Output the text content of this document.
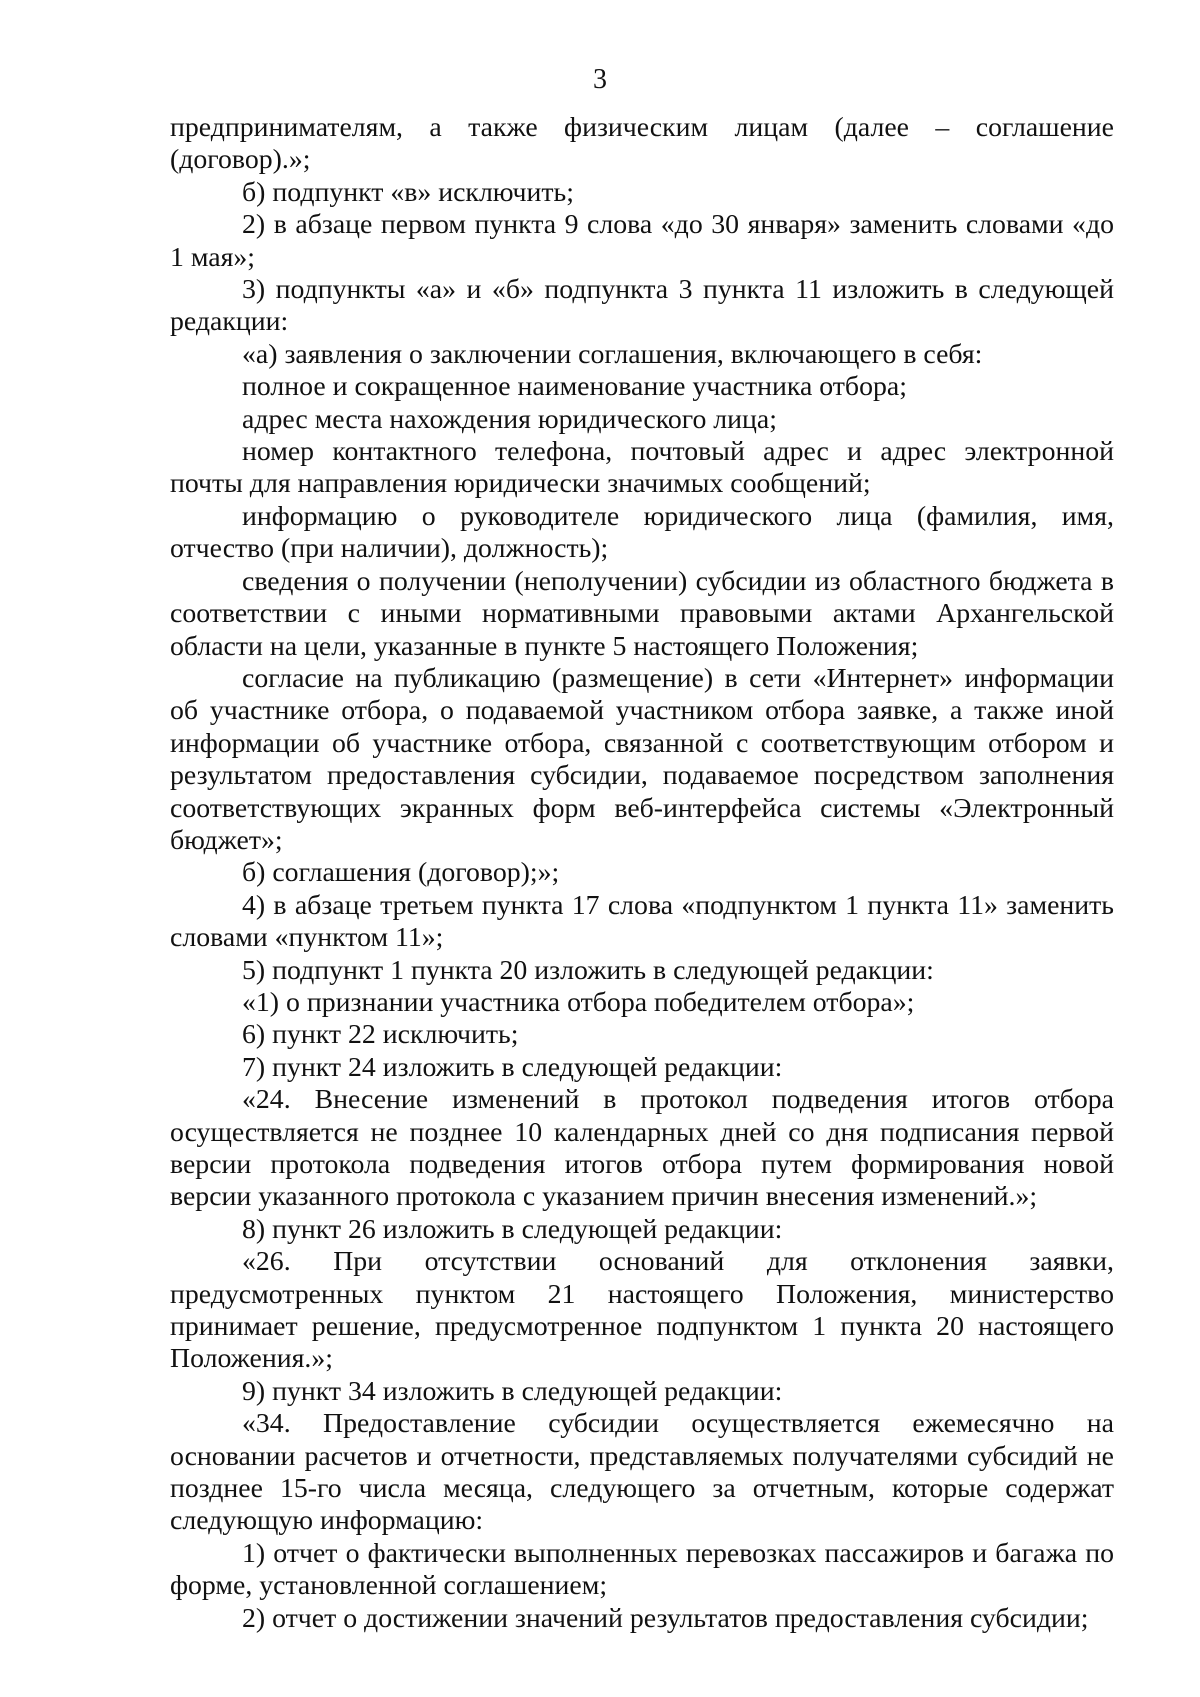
3

предпринимателям, а также физическим лицам (далее – соглашение (договор).»;

б) подпункт «в» исключить;

2) в абзаце первом пункта 9 слова «до 30 января» заменить словами «до 1 мая»;

3) подпункты «а» и «б» подпункта 3 пункта 11 изложить в следующей редакции:

«а) заявления о заключении соглашения, включающего в себя:

полное и сокращенное наименование участника отбора;

адрес места нахождения юридического лица;

номер контактного телефона, почтовый адрес и адрес электронной почты для направления юридически значимых сообщений;

информацию о руководителе юридического лица (фамилия, имя, отчество (при наличии), должность);

сведения о получении (неполучении) субсидии из областного бюджета в соответствии с иными нормативными правовыми актами Архангельской области на цели, указанные в пункте 5 настоящего Положения;

согласие на публикацию (размещение) в сети «Интернет» информации об участнике отбора, о подаваемой участником отбора заявке, а также иной информации об участнике отбора, связанной с соответствующим отбором и результатом предоставления субсидии, подаваемое посредством заполнения соответствующих экранных форм веб-интерфейса системы «Электронный бюджет»;

б) соглашения (договор);»;

4) в абзаце третьем пункта 17 слова «подпунктом 1 пункта 11» заменить словами «пунктом 11»;

5) подпункт 1 пункта 20 изложить в следующей редакции:

«1) о признании участника отбора победителем отбора»;

6) пункт 22 исключить;

7) пункт 24 изложить в следующей редакции:

«24. Внесение изменений в протокол подведения итогов отбора осуществляется не позднее 10 календарных дней со дня подписания первой версии протокола подведения итогов отбора путем формирования новой версии указанного протокола с указанием причин внесения изменений.»;

8) пункт 26 изложить в следующей редакции:

«26. При отсутствии оснований для отклонения заявки, предусмотренных пунктом 21 настоящего Положения, министерство принимает решение, предусмотренное подпунктом 1 пункта 20 настоящего Положения.»;

9) пункт 34 изложить в следующей редакции:

«34. Предоставление субсидии осуществляется ежемесячно на основании расчетов и отчетности, представляемых получателями субсидий не позднее 15-го числа месяца, следующего за отчетным, которые содержат следующую информацию:

1) отчет о фактически выполненных перевозках пассажиров и багажа по форме, установленной соглашением;

2) отчет о достижении значений результатов предоставления субсидии;
